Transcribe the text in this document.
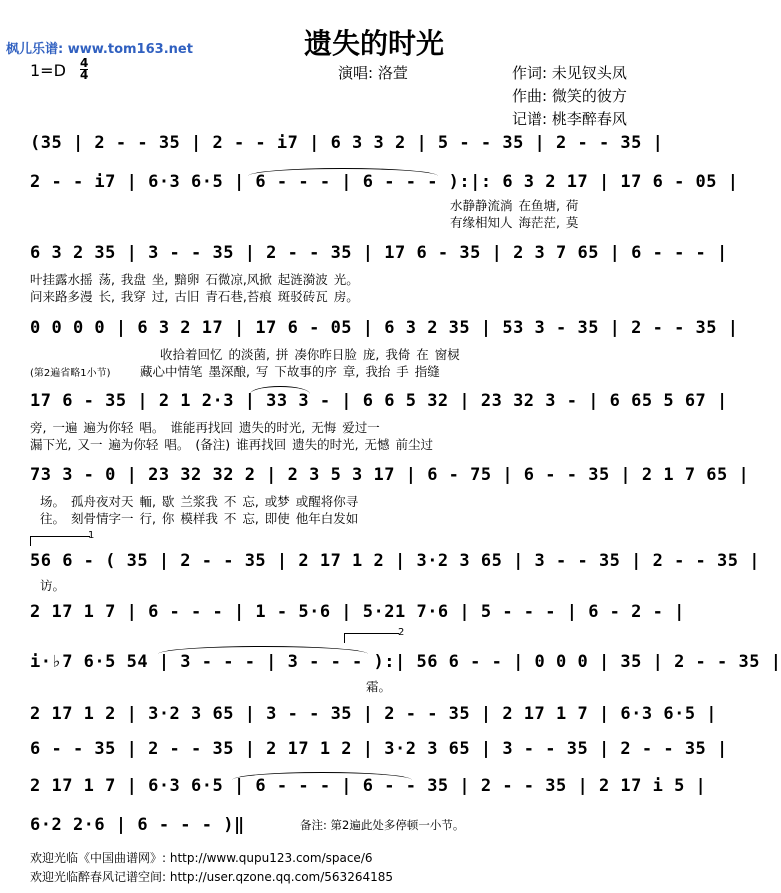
遗失的时光
枫儿乐谱: www.tom163.net
1=D 4
4	演唱: 洛萱	作词: 未见钗头凤
作曲: 微笑的彼方
记谱: 桃李醉春风
(35 | 2 - - 35 | 2 - - i7 | 6 3 3 2 | 5 - - 35 | 2 - - 35 |
2 - - i7 | 6·3 6·5 | 6 - - - | 6 - - - ):|: 6 3 2 17 | 17 6 - 05 |
水静静流淌 在鱼塘, 荷
有缘相知人 海茫茫, 莫
6 3 2 35 | 3 - - 35 | 2 - - 35 | 17 6 - 35 | 2 3 7 65 | 6 - - - |
叶挂露水摇 荡, 我盘 坐, 黯卵 石微凉,风掀 起涟漪波 光。
问来路多漫 长, 我穿 过, 古旧 青石巷,苔痕 斑驳砖瓦 房。
0 0 0 0 | 6 3 2 17 | 17 6 - 05 | 6 3 2 35 | 53 3 - 35 | 2 - - 35 |
收拾着回忆 的淡菌, 拼 凑你昨日脸 庞, 我倚 在 窗棂
(第2遍省略1小节) 藏心中情笔 墨深酿, 写 下故事的序 章, 我抬 手 指缝
17 6 - 35 | 2 1 2·3 | 33 3 - | 6 6 5 32 | 23 32 3 - | 6 65 5 67 |
旁, 一遍 遍为你轻 唱。 谁能再找回 遗失的时光, 无悔 爱过一
漏下光, 又一 遍为你轻 唱。 (备注) 谁再找回 遗失的时光, 无憾 前尘过
73 3 - 0 | 23 32 32 2 | 2 3 5 3 17 | 6 - 75 | 6 - - 35 | 2 1 7 65 |
场。 孤舟夜对天 輀, 歇 兰浆我 不 忘, 或梦 或醒将你寻
往。 刻骨情字一 行, 你 模样我 不 忘, 即使 他年白发如
1
56 6 - ( 35 | 2 - - 35 | 2 17 1 2 | 3·2 3 65 | 3 - - 35 | 2 - - 35 |
访。
2 17 1 7 | 6 - - - | 1 - 5·6 | 5·21 7·6 | 5 - - - | 6 - 2 - |
2
i·♭7 6·5 54 | 3 - - - | 3 - - - ):| 56 6 - - | 0 0 0 | 35 | 2 - - 35 |
霜。
2 17 1 2 | 3·2 3 65 | 3 - - 35 | 2 - - 35 | 2 17 1 7 | 6·3 6·5 |
6 - - 35 | 2 - - 35 | 2 17 1 2 | 3·2 3 65 | 3 - - 35 | 2 - - 35 |
2 17 1 7 | 6·3 6·5 | 6 - - - | 6 - - 35 | 2 - - 35 | 2 17 i 5 |
6·2 2·6 | 6 - - - )‖	备注: 第2遍此处多停顿一小节。
欢迎光临《中国曲谱网》: http://www.qupu123.com/space/6
欢迎光临醉春风记谱空间: http://user.qzone.qq.com/563264185
